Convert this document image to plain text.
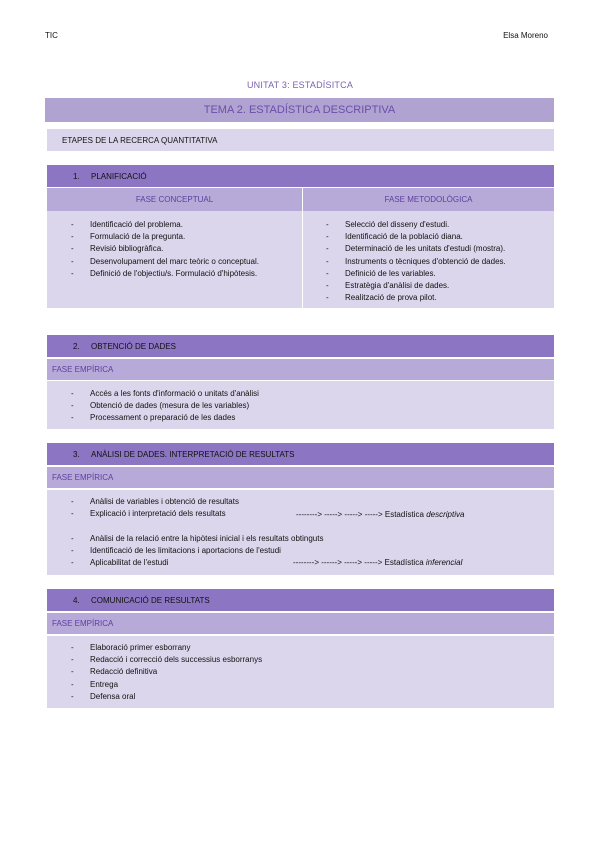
TIC	Elsa Moreno
UNITAT 3: ESTADÍSITCA
TEMA 2. ESTADÍSTICA DESCRIPTIVA
ETAPES DE LA RECERCA QUANTITATIVA
1.	PLANIFICACIÓ
FASE CONCEPTUAL	FASE METODOLÒGICA
- Identificació del problema.
- Formulació de la pregunta.
- Revisió bibliogràfica.
- Desenvolupament del marc teòric o conceptual.
- Definició de l'objectiu/s. Formulació d'hipòtesis.
- Selecció del disseny d'estudi.
- Identificació de la població diana.
- Determinació de les unitats d'estudi (mostra).
- Instruments o tècniques d'obtenció de dades.
- Definició de les variables.
- Estratègia d'anàlisi de dades.
- Realització de prova pilot.
2.	OBTENCIÓ DE DADES
FASE EMPÍRICA
- Accés a les fonts d'informació o unitats d'anàlisi
- Obtenció de dades (mesura de les variables)
- Processament o preparació de les dades
3.	ANÀLISI DE DADES. INTERPRETACIÓ DE RESULTATS
FASE EMPÍRICA
- Anàlisi de variables i obtenció de resultats
- Explicació i interpretació dels resultats	--------> -----> -----> -----> Estadística descriptiva
- Anàlisi de la relació entre la hipòtesi inicial i els resultats obtinguts
- Identificació de les limitacions i aportacions de l'estudi
- Aplicabilitat de l'estudi	--------> ------> -----> -----> Estadística inferencial
4.	COMUNICACIÓ DE RESULTATS
FASE EMPÍRICA
- Elaboració primer esborrany
- Redacció i correcció dels successius esborranys
- Redacció definitiva
- Entrega
- Defensa oral
